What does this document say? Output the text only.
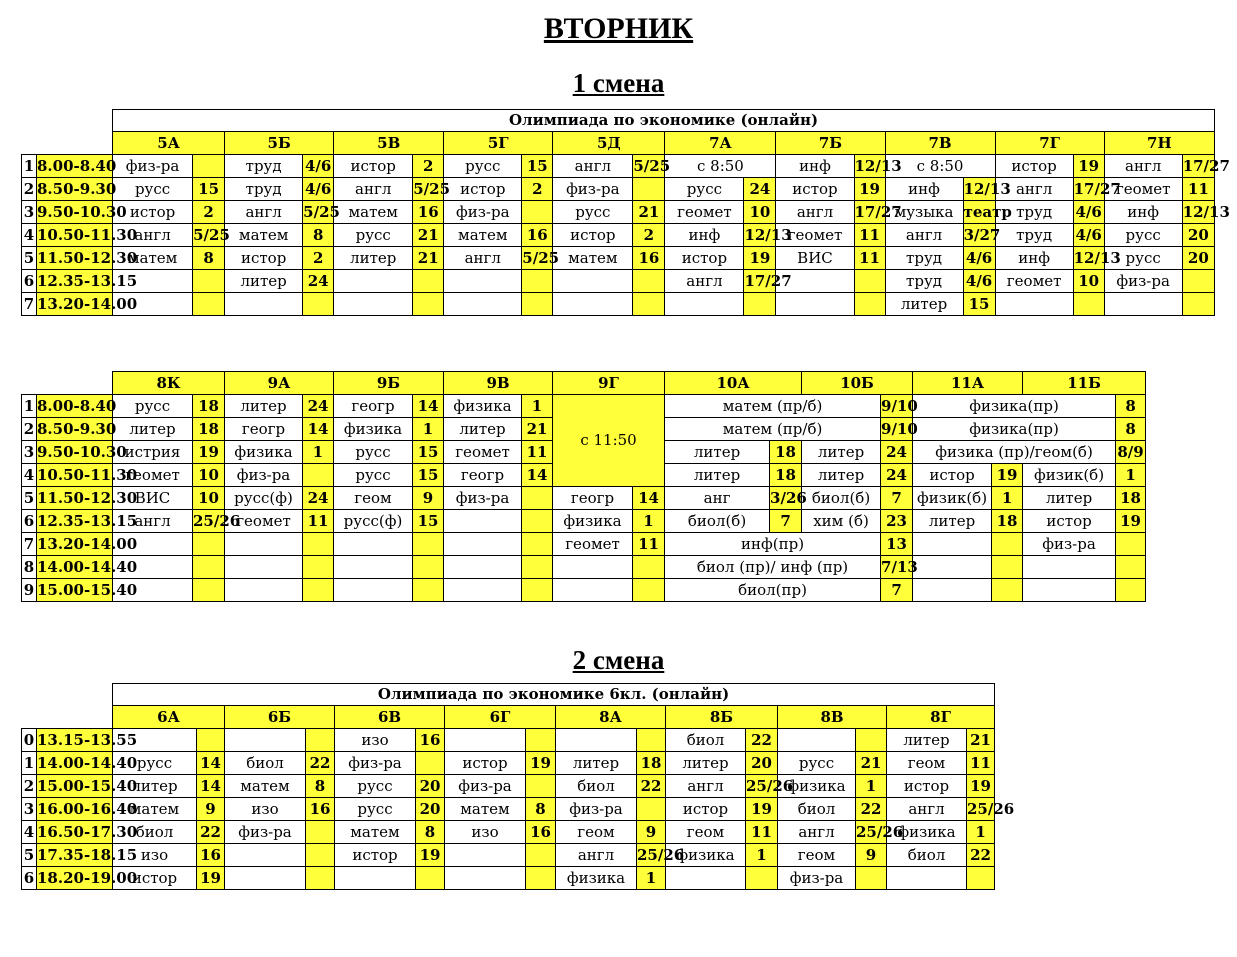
ВТОРНИК
1 смена
2 смена
		Олимпиада по экономике (онлайн)																			
		5А		5Б		5В		5Г		5Д		7А		7Б		7В		7Г		7Н	
1	8.00-8.40	физ-ра		труд	4/6	истор	2	русс	15	англ	5/25	с 8:50		инф	12/13	с 8:50		истор	19	англ	17/27
2	8.50-9.30	русс	15	труд	4/6	англ	5/25	истор	2	физ-ра		русс	24	истор	19	инф	12/13	англ	17/27	геомет	11
3	9.50-10.30	истор	2	англ	5/25	матем	16	физ-ра		русс	21	геомет	10	англ	17/27	музыка	театр	труд	4/6	инф	12/13
4	10.50-11.30	англ	5/25	матем	8	русс	21	матем	16	истор	2	инф	12/13	геомет	11	англ	3/27	труд	4/6	русс	20
5	11.50-12.30	матем	8	истор	2	литер	21	англ	5/25	матем	16	истор	19	ВИС	11	труд	4/6	инф	12/13	русс	20
6	12.35-13.15			литер	24							англ	17/27			труд	4/6	геомет	10	физ-ра	
7	13.20-14.00															литер	15				
		8К		9А		9Б		9В		9Г		10А		10Б		11А		11Б	
1	8.00-8.40	русс	18	литер	24	геогр	14	физика	1	с 11:50		матем (пр/б)			9/10	физика(пр)			8
2	8.50-9.30	литер	18	геогр	14	физика	1	литер	21			матем (пр/б)			9/10	физика(пр)			8
3	9.50-10.30	истрия	19	физика	1	русс	15	геомет	11			литер	18	литер	24	физика (пр)/геом(б)			8/9
4	10.50-11.30	геомет	10	физ-ра		русс	15	геогр	14			литер	18	литер	24	истор	19	физик(б)	1
5	11.50-12.30	ВИС	10	русс(ф)	24	геом	9	физ-ра		геогр	14	анг	3/26	биол(б)	7	физик(б)	1	литер	18
6	12.35-13.15	англ	25/26	геомет	11	русс(ф)	15			физика	1	биол(б)	7	хим (б)	23	литер	18	истор	19
7	13.20-14.00									геомет	11	инф(пр)			13			физ-ра	
8	14.00-14.40											биол (пр)/ инф (пр)			7/13				
9	15.00-15.40											биол(пр)			7				
		Олимпиада по экономике 6кл. (онлайн)															
		6А		6Б		6В		6Г		8А		8Б		8В		8Г	
0	13.15-13.55					изо	16					биол	22			литер	21
1	14.00-14.40	русс	14	биол	22	физ-ра		истор	19	литер	18	литер	20	русс	21	геом	11
2	15.00-15.40	литер	14	матем	8	русс	20	физ-ра		биол	22	англ	25/26	физика	1	истор	19
3	16.00-16.40	матем	9	изо	16	русс	20	матем	8	физ-ра		истор	19	биол	22	англ	25/26
4	16.50-17.30	биол	22	физ-ра		матем	8	изо	16	геом	9	геом	11	англ	25/26	физика	1
5	17.35-18.15	изо	16			истор	19			англ	25/26	физика	1	геом	9	биол	22
6	18.20-19.00	истор	19							физика	1			физ-ра			
